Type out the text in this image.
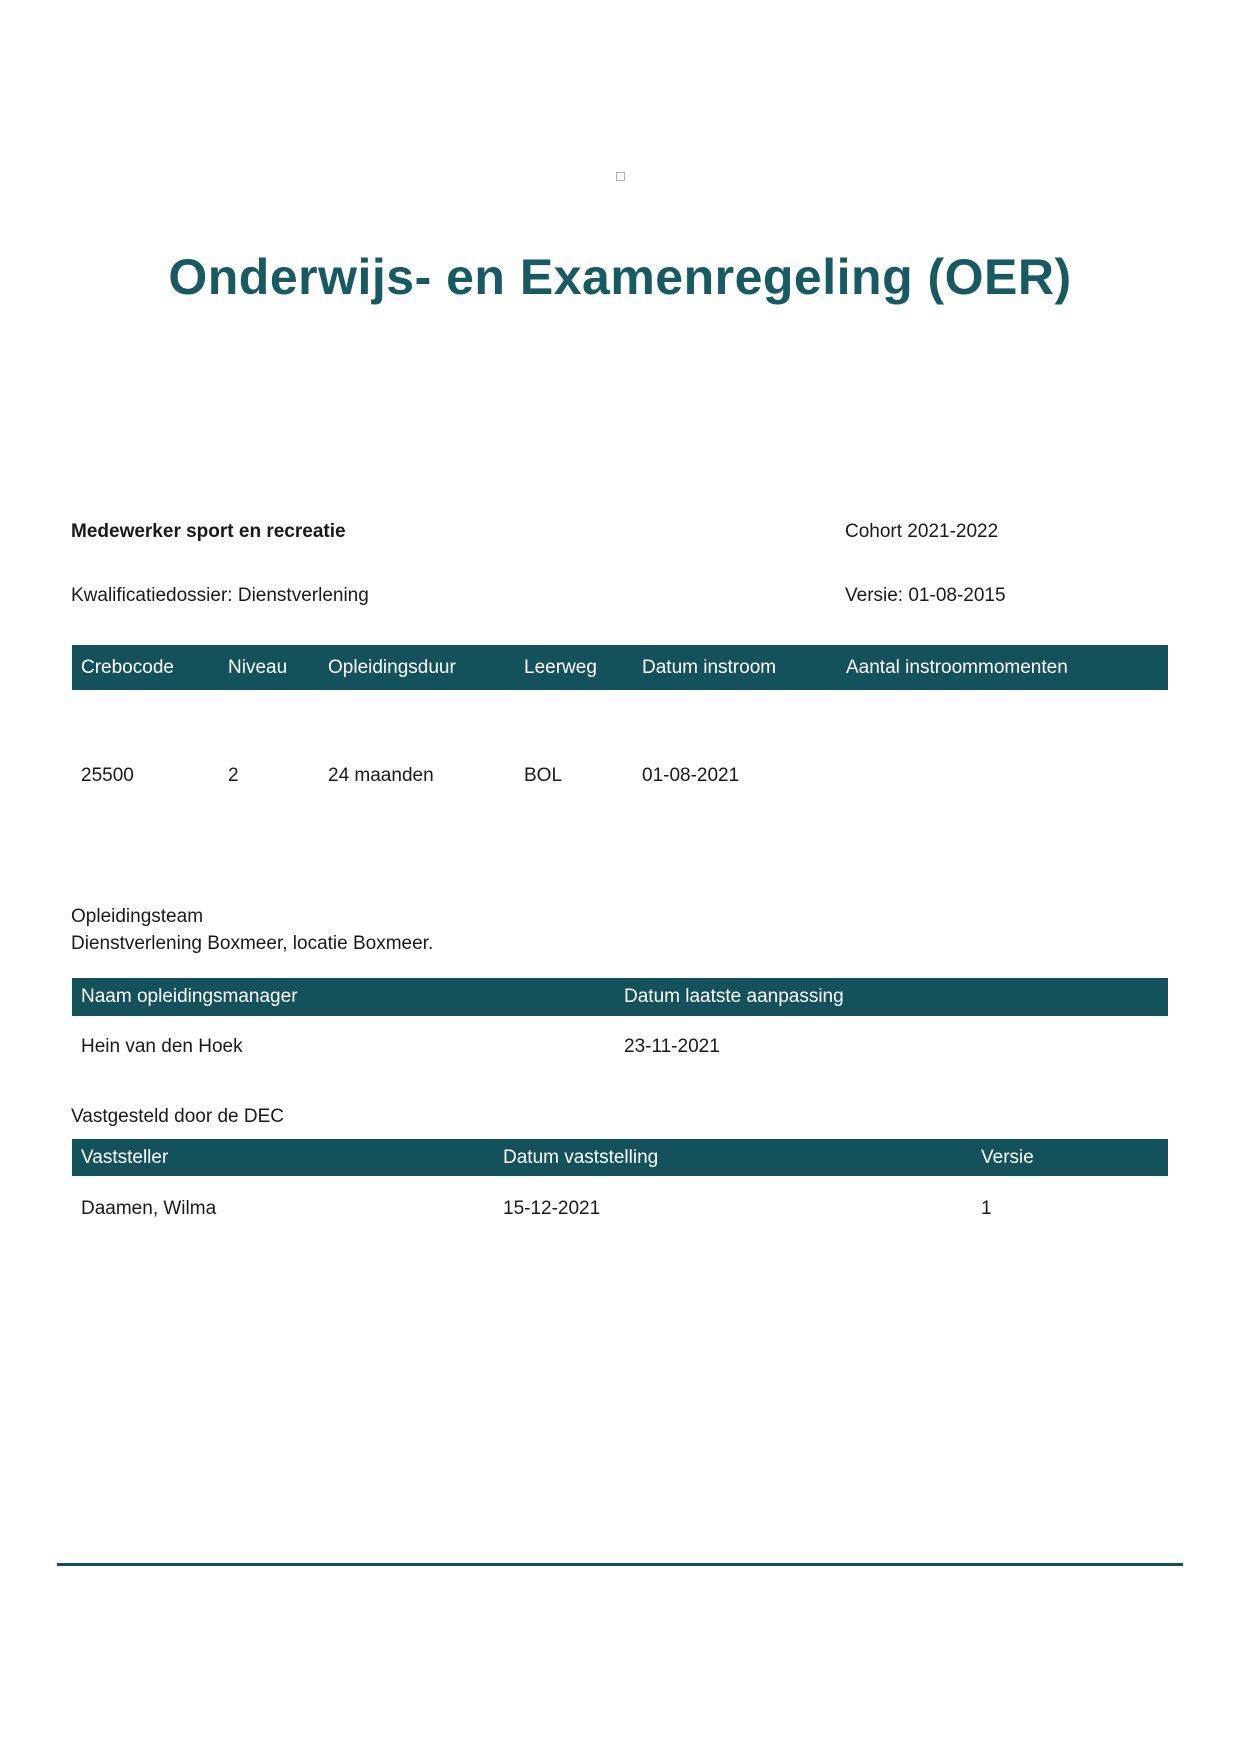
Onderwijs- en Examenregeling (OER)
Medewerker sport en recreatie	Cohort 2021-2022
Kwalificatiedossier: Dienstverlening	Versie: 01-08-2015
Crebocode	Niveau	Opleidingsduur	Leerweg	Datum instroom	Aantal instroommomenten
25500	2	24 maanden	BOL	01-08-2021
Opleidingsteam
Dienstverlening Boxmeer, locatie Boxmeer.
Naam opleidingsmanager	Datum laatste aanpassing
Hein van den Hoek	23-11-2021
Vastgesteld door de DEC
Vaststeller	Datum vaststelling	Versie
Daamen, Wilma	15-12-2021	1
